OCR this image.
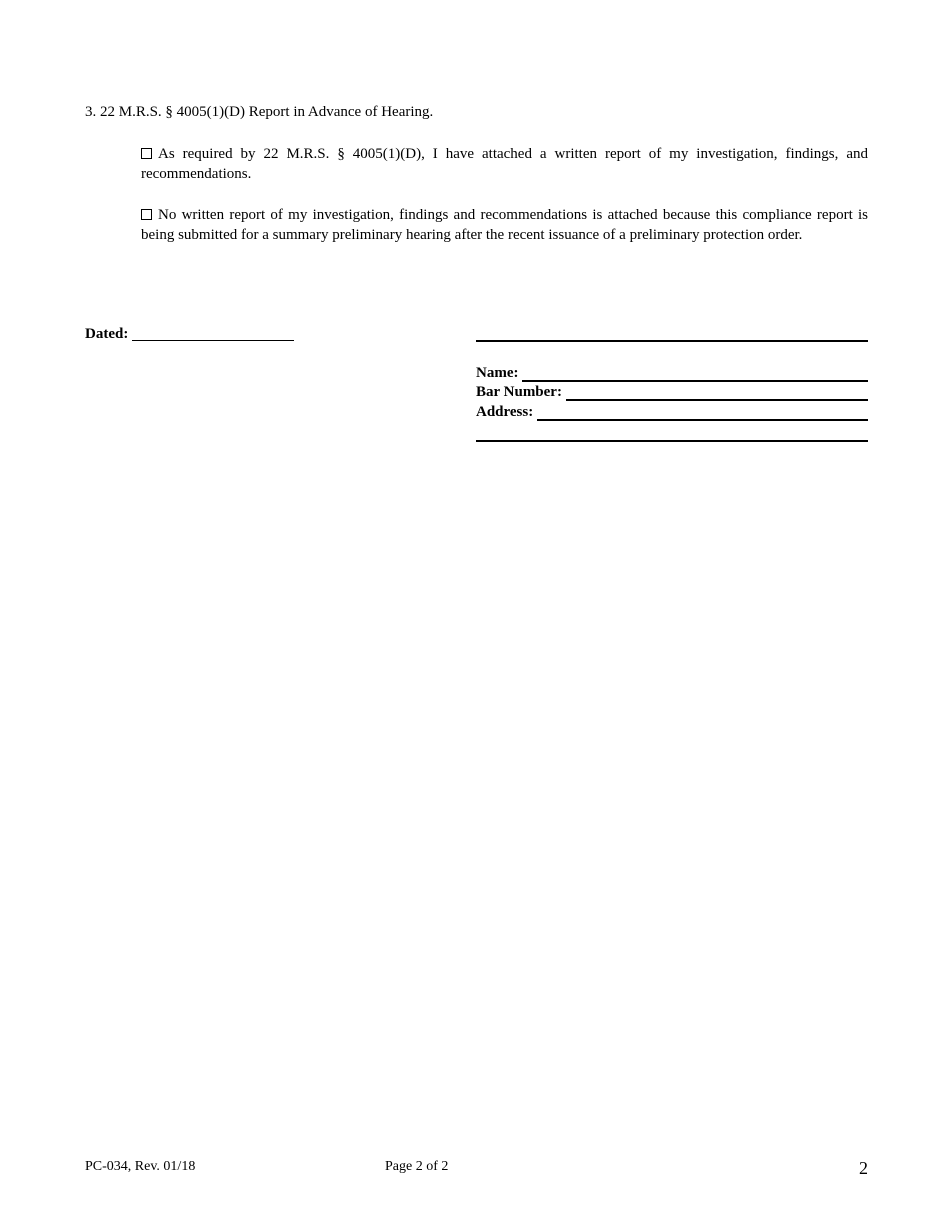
3. 22 M.R.S. § 4005(1)(D) Report in Advance of Hearing.
As required by 22 M.R.S. § 4005(1)(D), I have attached a written report of my investigation, findings, and recommendations.
No written report of my investigation, findings and recommendations is attached because this compliance report is being submitted for a summary preliminary hearing after the recent issuance of a preliminary protection order.
Dated:
Name:
Bar Number:
Address:
PC-034, Rev. 01/18	Page 2 of 2	2
